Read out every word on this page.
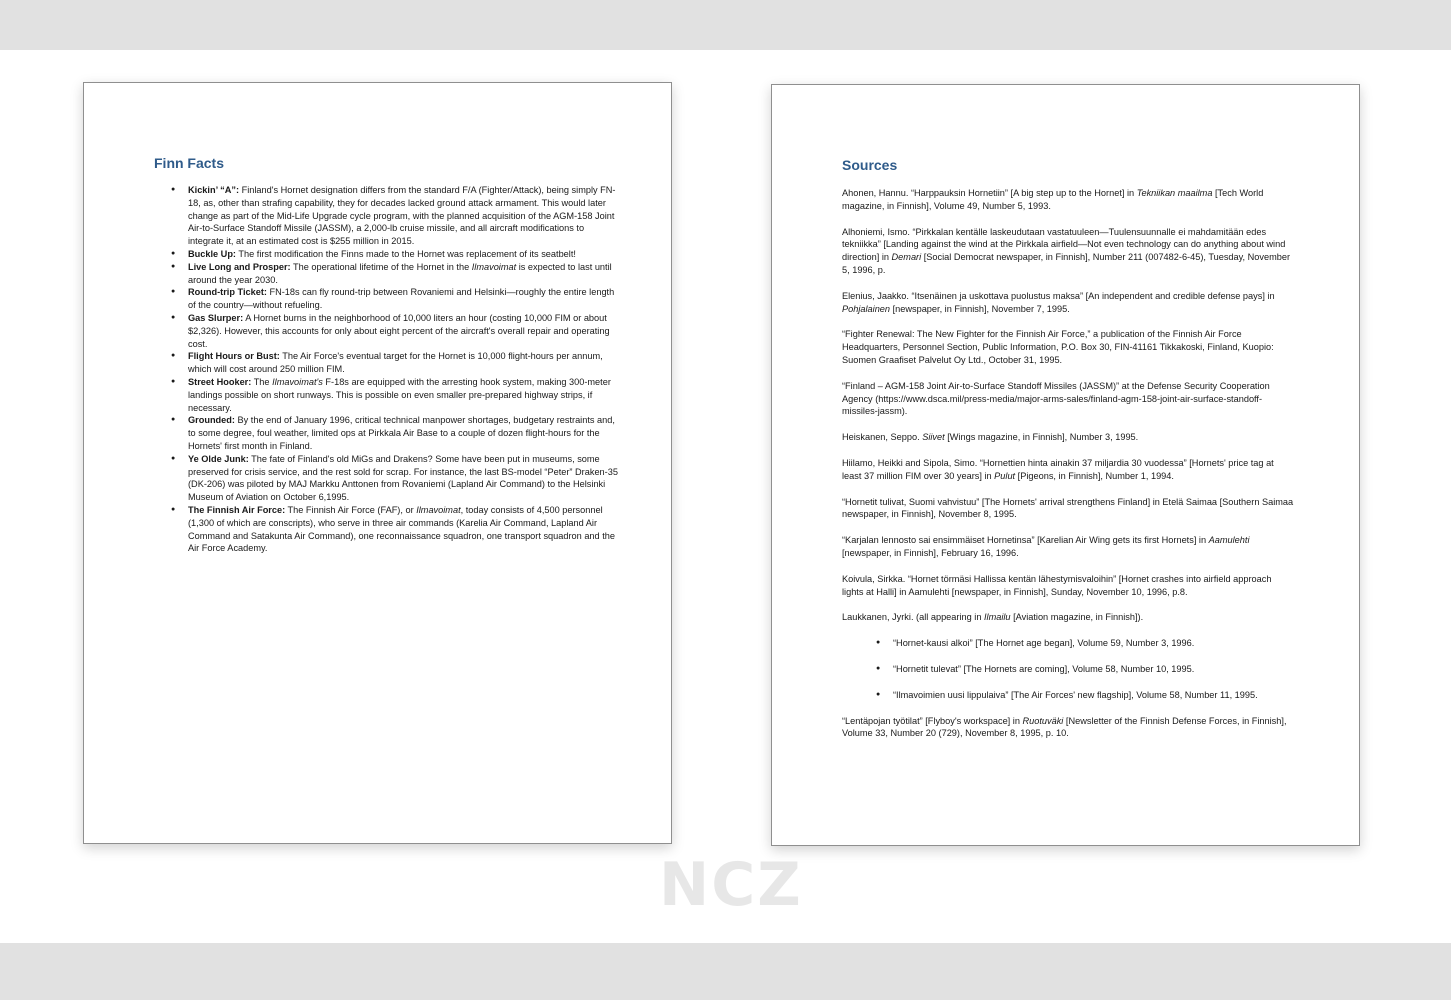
Finn Facts
● Kickin’ “A”: Finland's Hornet designation differs from the standard F/A (Fighter/Attack), being simply FN-18, as, other than strafing capability, they for decades lacked ground attack armament. This would later change as part of the Mid-Life Upgrade cycle program, with the planned acquisition of the AGM-158 Joint Air-to-Surface Standoff Missile (JASSM), a 2,000-lb cruise missile, and all aircraft modifications to integrate it, at an estimated cost is $255 million in 2015.
● Buckle Up: The first modification the Finns made to the Hornet was replacement of its seatbelt!
● Live Long and Prosper: The operational lifetime of the Hornet in the Ilmavoimat is expected to last until around the year 2030.
● Round-trip Ticket: FN-18s can fly round-trip between Rovaniemi and Helsinki—roughly the entire length of the country—without refueling.
● Gas Slurper: A Hornet burns in the neighborhood of 10,000 liters an hour (costing 10,000 FIM or about $2,326). However, this accounts for only about eight percent of the aircraft's overall repair and operating cost.
● Flight Hours or Bust: The Air Force's eventual target for the Hornet is 10,000 flight-hours per annum, which will cost around 250 million FIM.
● Street Hooker: The Ilmavoimat's F-18s are equipped with the arresting hook system, making 300-meter landings possible on short runways. This is possible on even smaller pre-prepared highway strips, if necessary.
● Grounded: By the end of January 1996, critical technical manpower shortages, budgetary restraints and, to some degree, foul weather, limited ops at Pirkkala Air Base to a couple of dozen flight-hours for the Hornets' first month in Finland.
● Ye Olde Junk: The fate of Finland's old MiGs and Drakens? Some have been put in museums, some preserved for crisis service, and the rest sold for scrap. For instance, the last BS-model “Peter” Draken-35 (DK-206) was piloted by MAJ Markku Anttonen from Rovaniemi (Lapland Air Command) to the Helsinki Museum of Aviation on October 6,1995.
● The Finnish Air Force: The Finnish Air Force (FAF), or Ilmavoimat, today consists of 4,500 personnel (1,300 of which are conscripts), who serve in three air commands (Karelia Air Command, Lapland Air Command and Satakunta Air Command), one reconnaissance squadron, one transport squadron and the Air Force Academy.
Sources

Ahonen, Hannu. “Harppauksin Hornetiin” [A big step up to the Hornet] in Tekniikan maailma [Tech World magazine, in Finnish], Volume 49, Number 5, 1993.

Alhoniemi, Ismo. “Pirkkalan kentälle laskeudutaan vastatuuleen—Tuulensuunnalle ei mahdamitään edes tekniikka” [Landing against the wind at the Pirkkala airfield—Not even technology can do anything about wind direction] in Demari [Social Democrat newspaper, in Finnish], Number 211 (007482-6-45), Tuesday, November 5, 1996, p.

Elenius, Jaakko. “Itsenäinen ja uskottava puolustus maksa” [An independent and credible defense pays] in Pohjalainen [newspaper, in Finnish], November 7, 1995.

“Fighter Renewal: The New Fighter for the Finnish Air Force,” a publication of the Finnish Air Force Headquarters, Personnel Section, Public Information, P.O. Box 30, FIN-41161 Tikkakoski, Finland, Kuopio: Suomen Graafiset Palvelut Oy Ltd., October 31, 1995.

“Finland – AGM-158 Joint Air-to-Surface Standoff Missiles (JASSM)” at the Defense Security Cooperation Agency (https://www.dsca.mil/press-media/major-arms-sales/finland-agm-158-joint-air-surface-standoff-missiles-jassm).

Heiskanen, Seppo. Siivet [Wings magazine, in Finnish], Number 3, 1995.

Hiilamo, Heikki and Sipola, Simo. “Hornettien hinta ainakin 37 miljardia 30 vuodessa” [Hornets' price tag at least 37 million FIM over 30 years] in Pulut [Pigeons, in Finnish], Number 1, 1994.

“Hornetit tulivat, Suomi vahvistuu” [The Hornets' arrival strengthens Finland] in Etelä Saimaa [Southern Saimaa newspaper, in Finnish], November 8, 1995.

“Karjalan lennosto sai ensimmäiset Hornetinsa” [Karelian Air Wing gets its first Hornets] in Aamulehti [newspaper, in Finnish], February 16, 1996.

Koivula, Sirkka. “Hornet törmäsi Hallissa kentän lähestymisvaloihin” [Hornet crashes into airfield approach lights at Halli] in Aamulehti [newspaper, in Finnish], Sunday, November 10, 1996, p.8.

Laukkanen, Jyrki. (all appearing in Ilmailu [Aviation magazine, in Finnish]).

● “Hornet-kausi alkoi” [The Hornet age began], Volume 59, Number 3, 1996.
● “Hornetit tulevat” [The Hornets are coming], Volume 58, Number 10, 1995.
● “Ilmavoimien uusi lippulaiva” [The Air Forces' new flagship], Volume 58, Number 11, 1995.

“Lentäpojan työtilat” [Flyboy's workspace] in Ruotuväki [Newsletter of the Finnish Defense Forces, in Finnish], Volume 33, Number 20 (729), November 8, 1995, p. 10.

NCZ
